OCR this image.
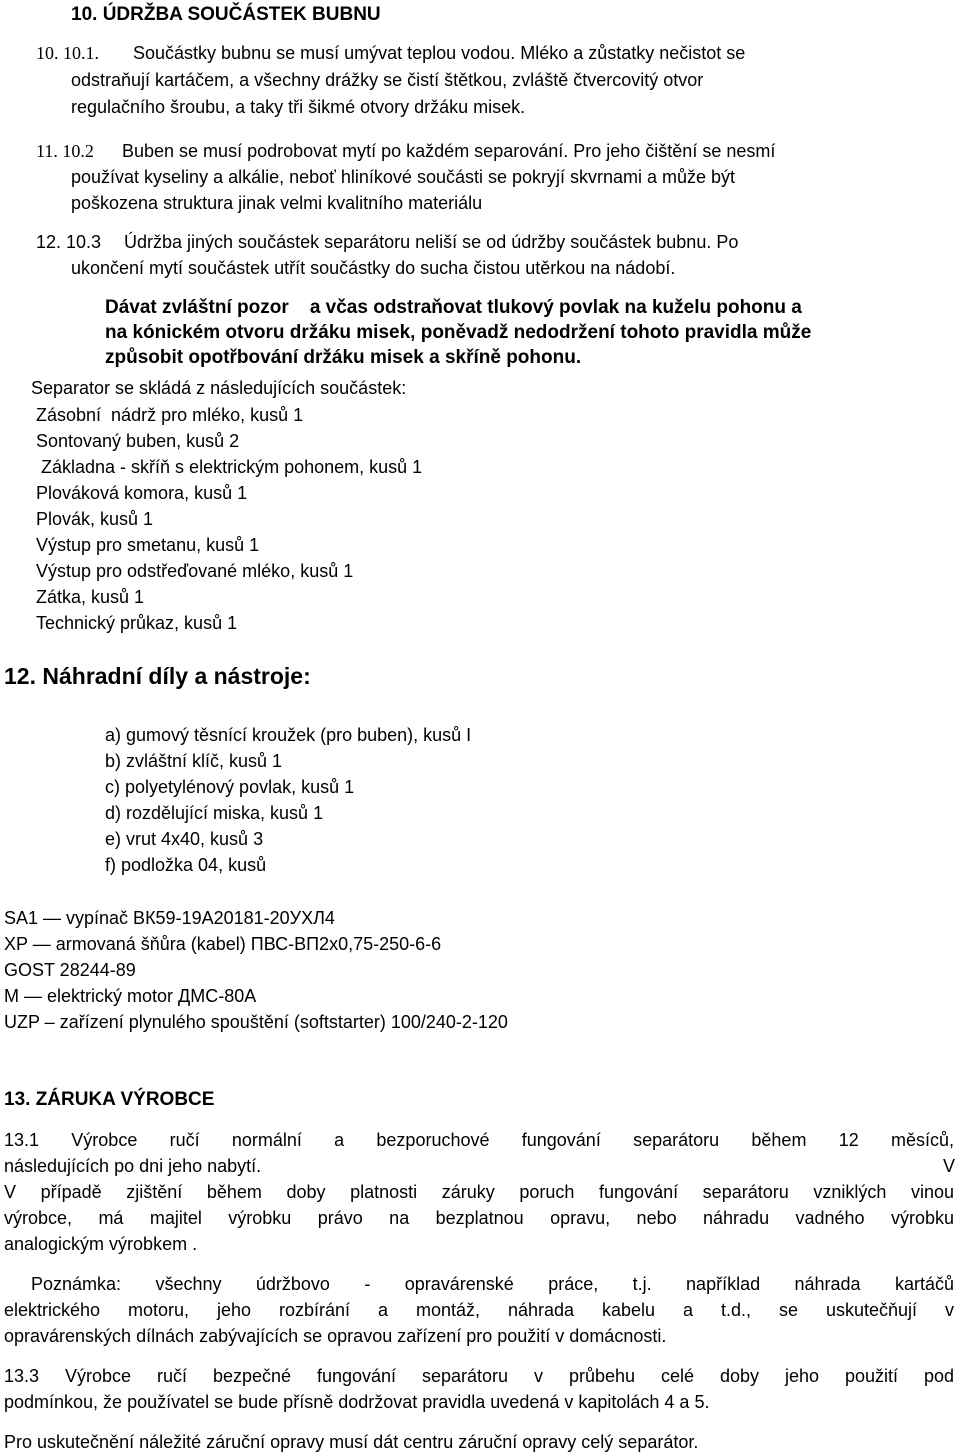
10. ÚDRŽBA SOUČÁSTEK BUBNU
10. 10.1. Součástky bubnu se musí umývat teplou vodou. Mléko a zůstatky nečistot se
odstraňují kartáčem, a všechny drážky se čistí štětkou, zvláště čtvercovitý otvor
regulačního šroubu, a taky tři šikmé otvory držáku misek.
11. 10.2 Buben se musí podrobovat mytí po každém separování. Pro jeho čištění se nesmí
používat kyseliny a alkálie, neboť hliníkové součásti se pokryjí skvrnami a může být
poškozena struktura jinak velmi kvalitního materiálu
12. 10.3 Údržba jiných součástek separátoru neliší se od údržby součástek bubnu. Po
ukončení mytí součástek utřít součástky do sucha čistou utěrkou na nádobí.
Dávat zvláštní pozor    a včas odstraňovat tlukový povlak na kuželu pohonu a
na kónickém otvoru držáku misek, poněvadž nedodržení tohoto pravidla může
způsobit opotřbování držáku misek a skříně pohonu.
Separator se skládá z následujících součástek:
Zásobní  nádrž pro mléko, kusů 1
Sontovaný buben, kusů 2
Základna - skříň s elektrickým pohonem, kusů 1
Plováková komora, kusů 1
Plovák, kusů 1
Výstup pro smetanu, kusů 1
Výstup pro odstřeďované mléko, kusů 1
Zátka, kusů 1
Technický průkaz, kusů 1
12. Náhradní díly a nástroje:
a) gumový těsnící kroužek (pro buben), kusů I
b) zvláštní klíč, kusů 1
c) polyetylénový povlak, kusů 1
d) rozdělující miska, kusů 1
e) vrut 4x40, kusů 3
f) podložka 04, kusů
SA1 — vypínač ВК59-19А20181-20УХЛ4
XP — armovaná šňůra (kabel) ПВС-ВП2х0,75-250-6-6
GOST 28244-89
M — elektrický motor ДМС-80А
UZP – zařízení plynulého spouštění (softstarter) 100/240-2-120
13. ZÁRUKA VÝROBCE
13.1 Výrobce ručí normální a bezporuchové fungování separátoru během 12 měsíců,
následujících po dni jeho nabytí.	V
V případě zjištění během doby platnosti záruky poruch fungování separátoru vzniklých vinou
výrobce, má majitel výrobku právo na bezplatnou opravu, nebo náhradu vadného výrobku
analogickým výrobkem .
Poznámka: všechny údržbovo - opravárenské práce, t.j. například náhrada kartáčů
elektrického motoru, jeho rozbírání a montáž, náhrada kabelu a t.d., se uskutečňují v
opravárenských dílnách zabývajících se opravou zařízení pro použití v domácnosti.
13.3 Výrobce ručí bezpečné fungování separátoru v průbehu celé doby jeho použití pod
podmínkou, že používatel se bude přísně dodržovat pravidla uvedená v kapitolách 4 a 5.
Pro uskutečnění náležité záruční opravy musí dát centru záruční opravy celý separátor.
